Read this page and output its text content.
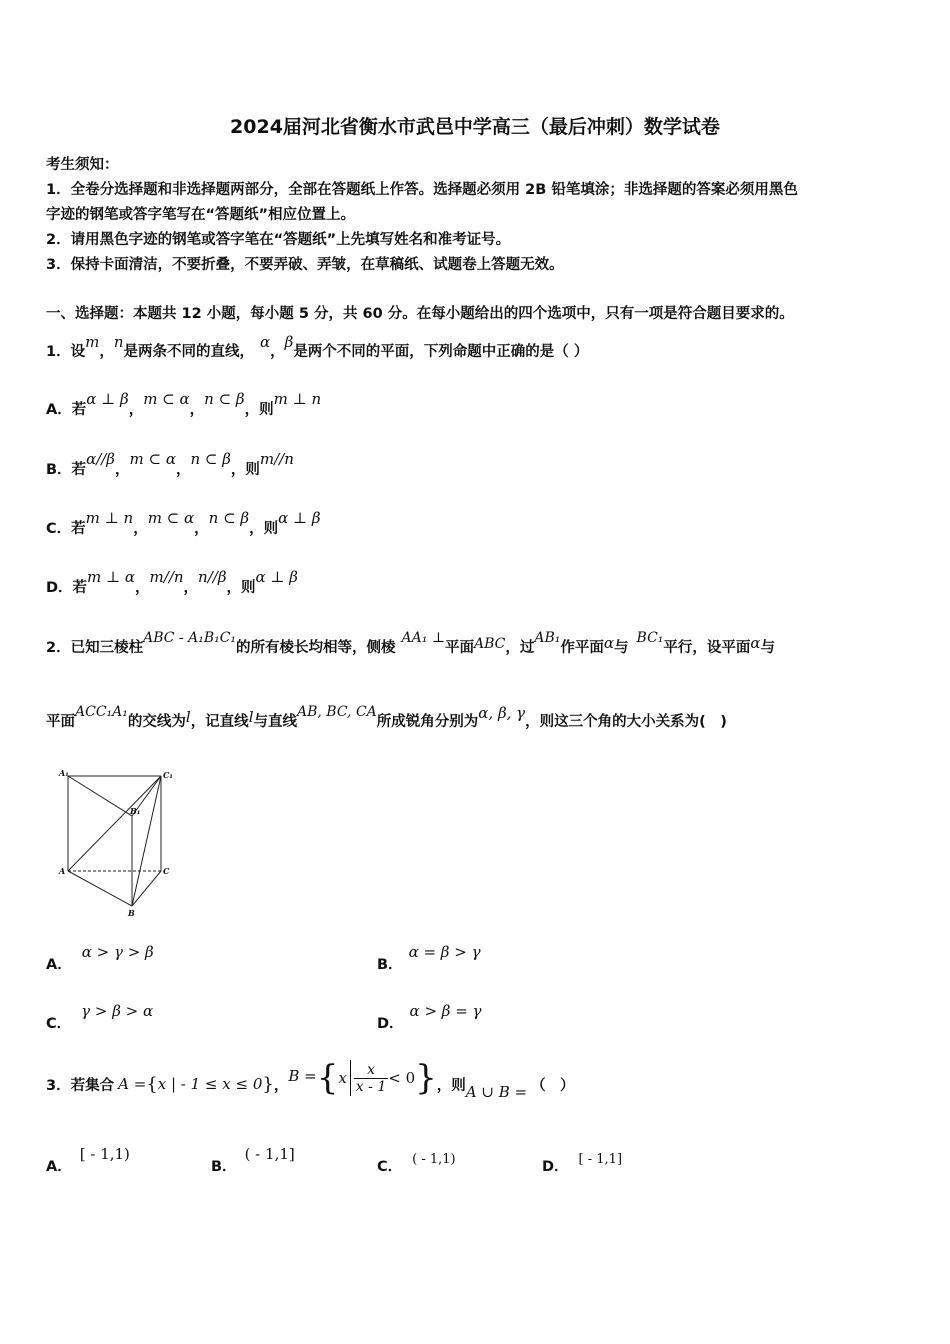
2024届河北省衡水市武邑中学高三（最后冲刺）数学试卷
考生须知：
1．全卷分选择题和非选择题两部分，全部在答题纸上作答。选择题必须用 2B 铅笔填涂；非选择题的答案必须用黑色
字迹的钢笔或答字笔写在“答题纸”相应位置上。
2．请用黑色字迹的钢笔或答字笔在“答题纸”上先填写姓名和准考证号。
3．保持卡面清洁，不要折叠，不要弄破、弄皱，在草稿纸、试题卷上答题无效。
一、选择题：本题共 12 小题，每小题 5 分，共 60 分。在每小题给出的四个选项中，只有一项是符合题目要求的。
1．设m，n是两条不同的直线，α，β是两个不同的平面，下列命题中正确的是（ ）
A．若α ⊥ β，m ⊂ α，n ⊂ β，则m ⊥ n
B．若α//β，m ⊂ α，n ⊂ β，则m//n
C．若m ⊥ n，m ⊂ α，n ⊂ β，则α ⊥ β
D．若m ⊥ α，m//n，n//β，则α ⊥ β
2．已知三棱柱ABC - A₁B₁C₁的所有棱长均相等，侧棱AA₁ ⊥平面ABC，过AB₁作平面α与BC₁平行，设平面α与
平面ACC₁A₁的交线为l，记直线l与直线AB, BC, CA所成锐角分别为α, β, γ，则这三个角的大小关系为(　)
A₁	C₁
B₁
A	C
B
A．α > γ > β
B．α = β > γ
C．γ > β > α
D．α > β = γ
3．若集合 A = { x | - 1 ≤ x ≤ 0 } ，
B = { x $\frac{x}{x - 1} < 0$ } ，则 A ∪ B = （　）
A．[ - 1,1)
B．( - 1,1]
C． ( - 1,1)	D． [ - 1,1]
